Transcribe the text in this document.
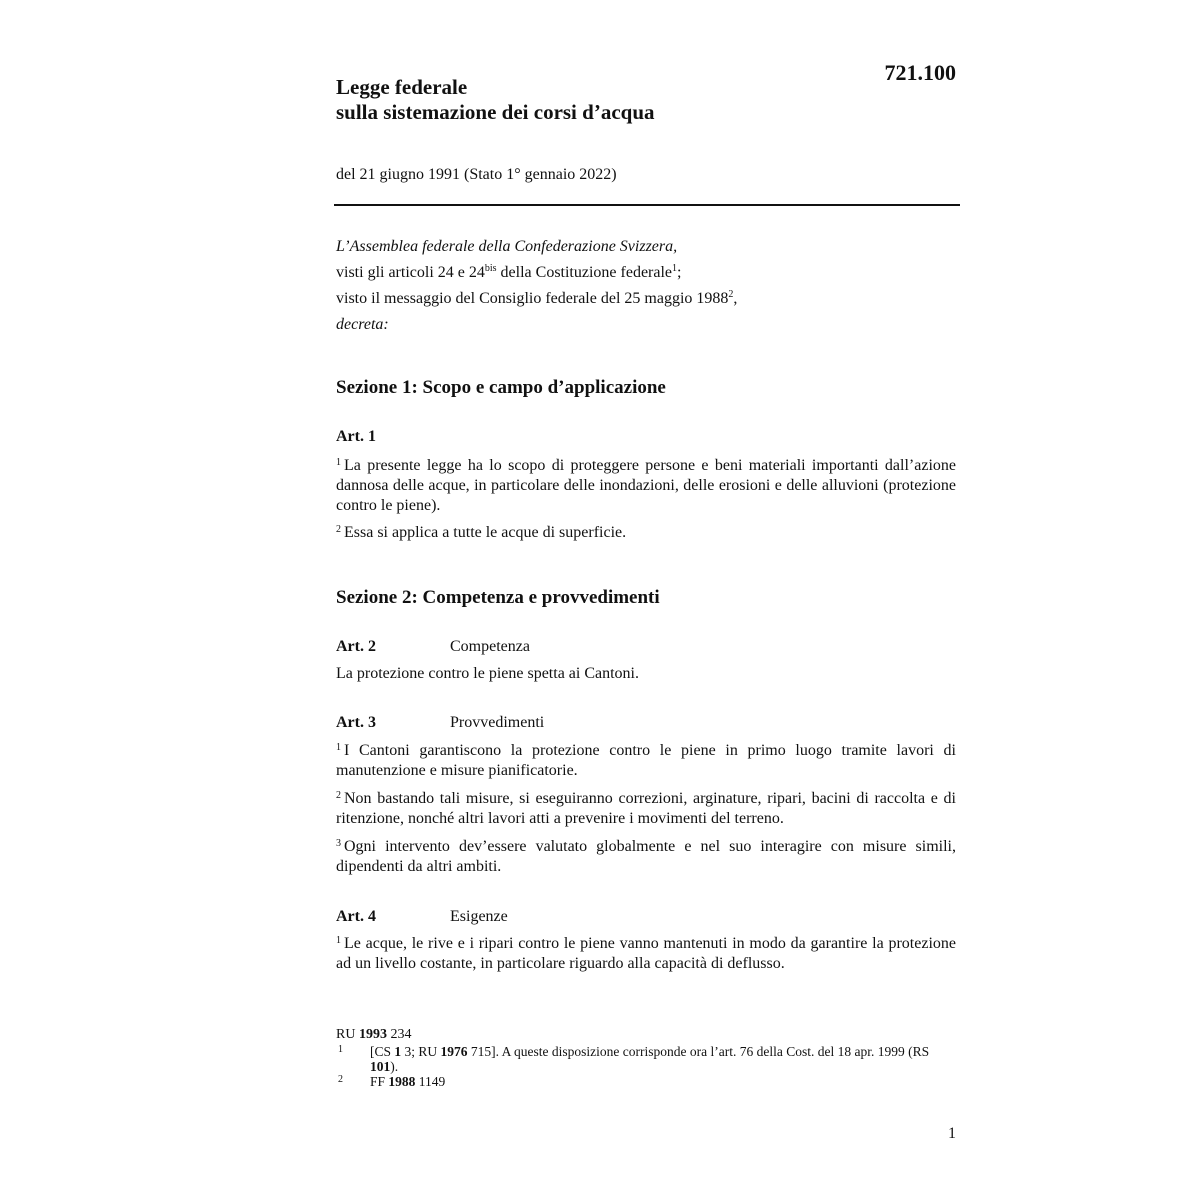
721.100
Legge federale
sulla sistemazione dei corsi d’acqua
del 21 giugno 1991 (Stato 1° gennaio 2022)
L’Assemblea federale della Confederazione Svizzera,
visti gli articoli 24 e $24^{bis}$ della Costituzione federale$^1$;
visto il messaggio del Consiglio federale del 25 maggio 1988$^2$,
decreta:
Sezione 1: Scopo e campo d’applicazione
Art. 1
$^1$ La presente legge ha lo scopo di proteggere persone e beni materiali importanti dall’azione dannosa delle acque, in particolare delle inondazioni, delle erosioni e delle alluvioni (protezione contro le piene).
$^2$ Essa si applica a tutte le acque di superficie.
Sezione 2: Competenza e provvedimenti
Art. 2	Competenza
La protezione contro le piene spetta ai Cantoni.
Art. 3	Provvedimenti
$^1$ I Cantoni garantiscono la protezione contro le piene in primo luogo tramite lavori di manutenzione e misure pianificatorie.
$^2$ Non bastando tali misure, si eseguiranno correzioni, arginature, ripari, bacini di raccolta e di ritenzione, nonché altri lavori atti a prevenire i movimenti del terreno.
$^3$ Ogni intervento dev’essere valutato globalmente e nel suo interagire con misure simili, dipendenti da altri ambiti.
Art. 4	Esigenze
$^1$ Le acque, le rive e i ripari contro le piene vanno mantenuti in modo da garantire la protezione ad un livello costante, in particolare riguardo alla capacità di deflusso.
RU 1993 234
1 [CS 1 3; RU 1976 715]. A queste disposizione corrisponde ora l’art. 76 della Cost. del 18 apr. 1999 (RS 101).
2 FF 1988 1149
1
